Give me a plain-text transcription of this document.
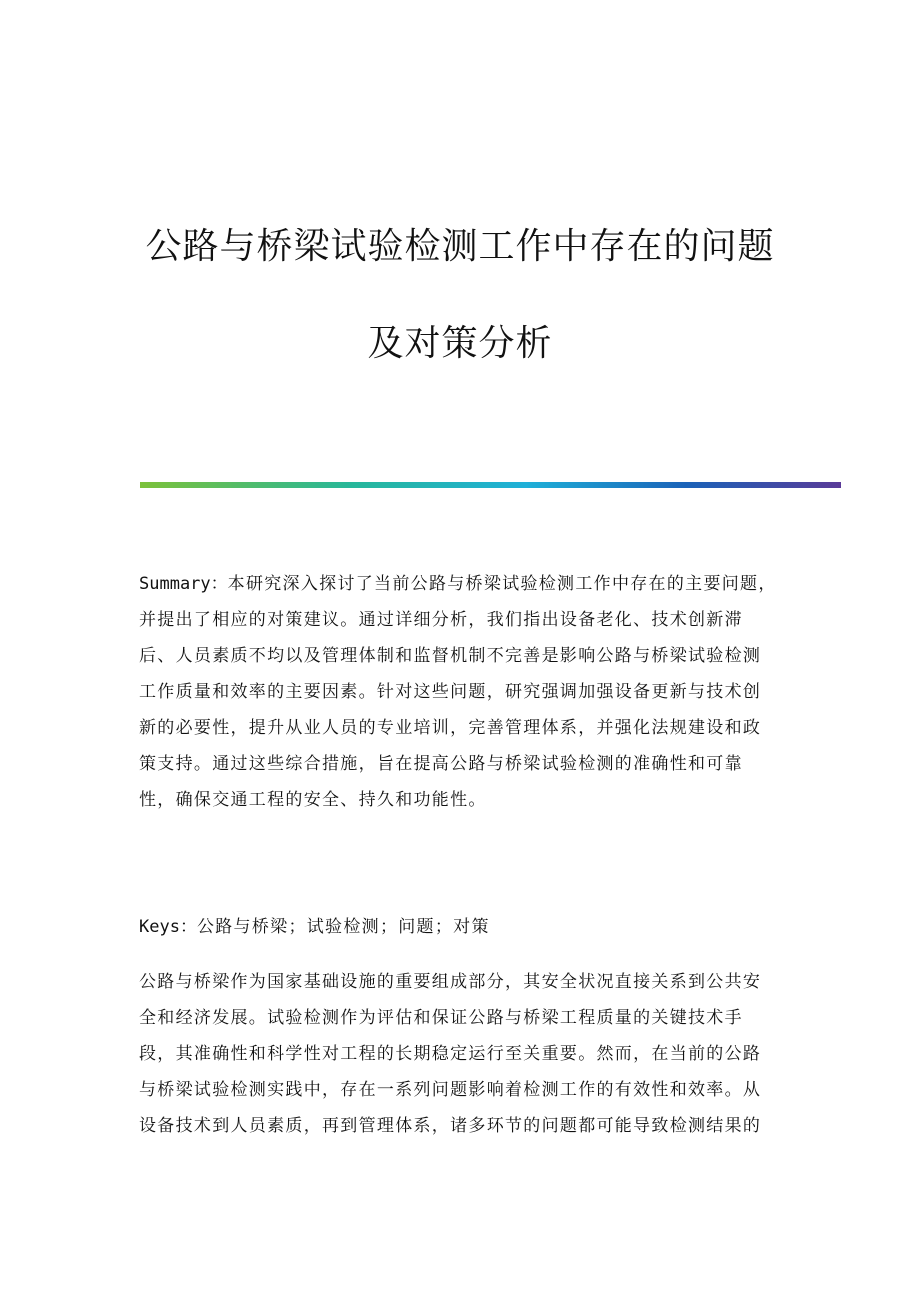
公路与桥梁试验检测工作中存在的问题
及对策分析
Summary：本研究深入探讨了当前公路与桥梁试验检测工作中存在的主要问题，
并提出了相应的对策建议。通过详细分析，我们指出设备老化、技术创新滞
后、人员素质不均以及管理体制和监督机制不完善是影响公路与桥梁试验检测
工作质量和效率的主要因素。针对这些问题，研究强调加强设备更新与技术创
新的必要性，提升从业人员的专业培训，完善管理体系，并强化法规建设和政
策支持。通过这些综合措施，旨在提高公路与桥梁试验检测的准确性和可靠
性，确保交通工程的安全、持久和功能性。
Keys：公路与桥梁；试验检测；问题；对策
公路与桥梁作为国家基础设施的重要组成部分，其安全状况直接关系到公共安
全和经济发展。试验检测作为评估和保证公路与桥梁工程质量的关键技术手
段，其准确性和科学性对工程的长期稳定运行至关重要。然而，在当前的公路
与桥梁试验检测实践中，存在一系列问题影响着检测工作的有效性和效率。从
设备技术到人员素质，再到管理体系，诸多环节的问题都可能导致检测结果的
